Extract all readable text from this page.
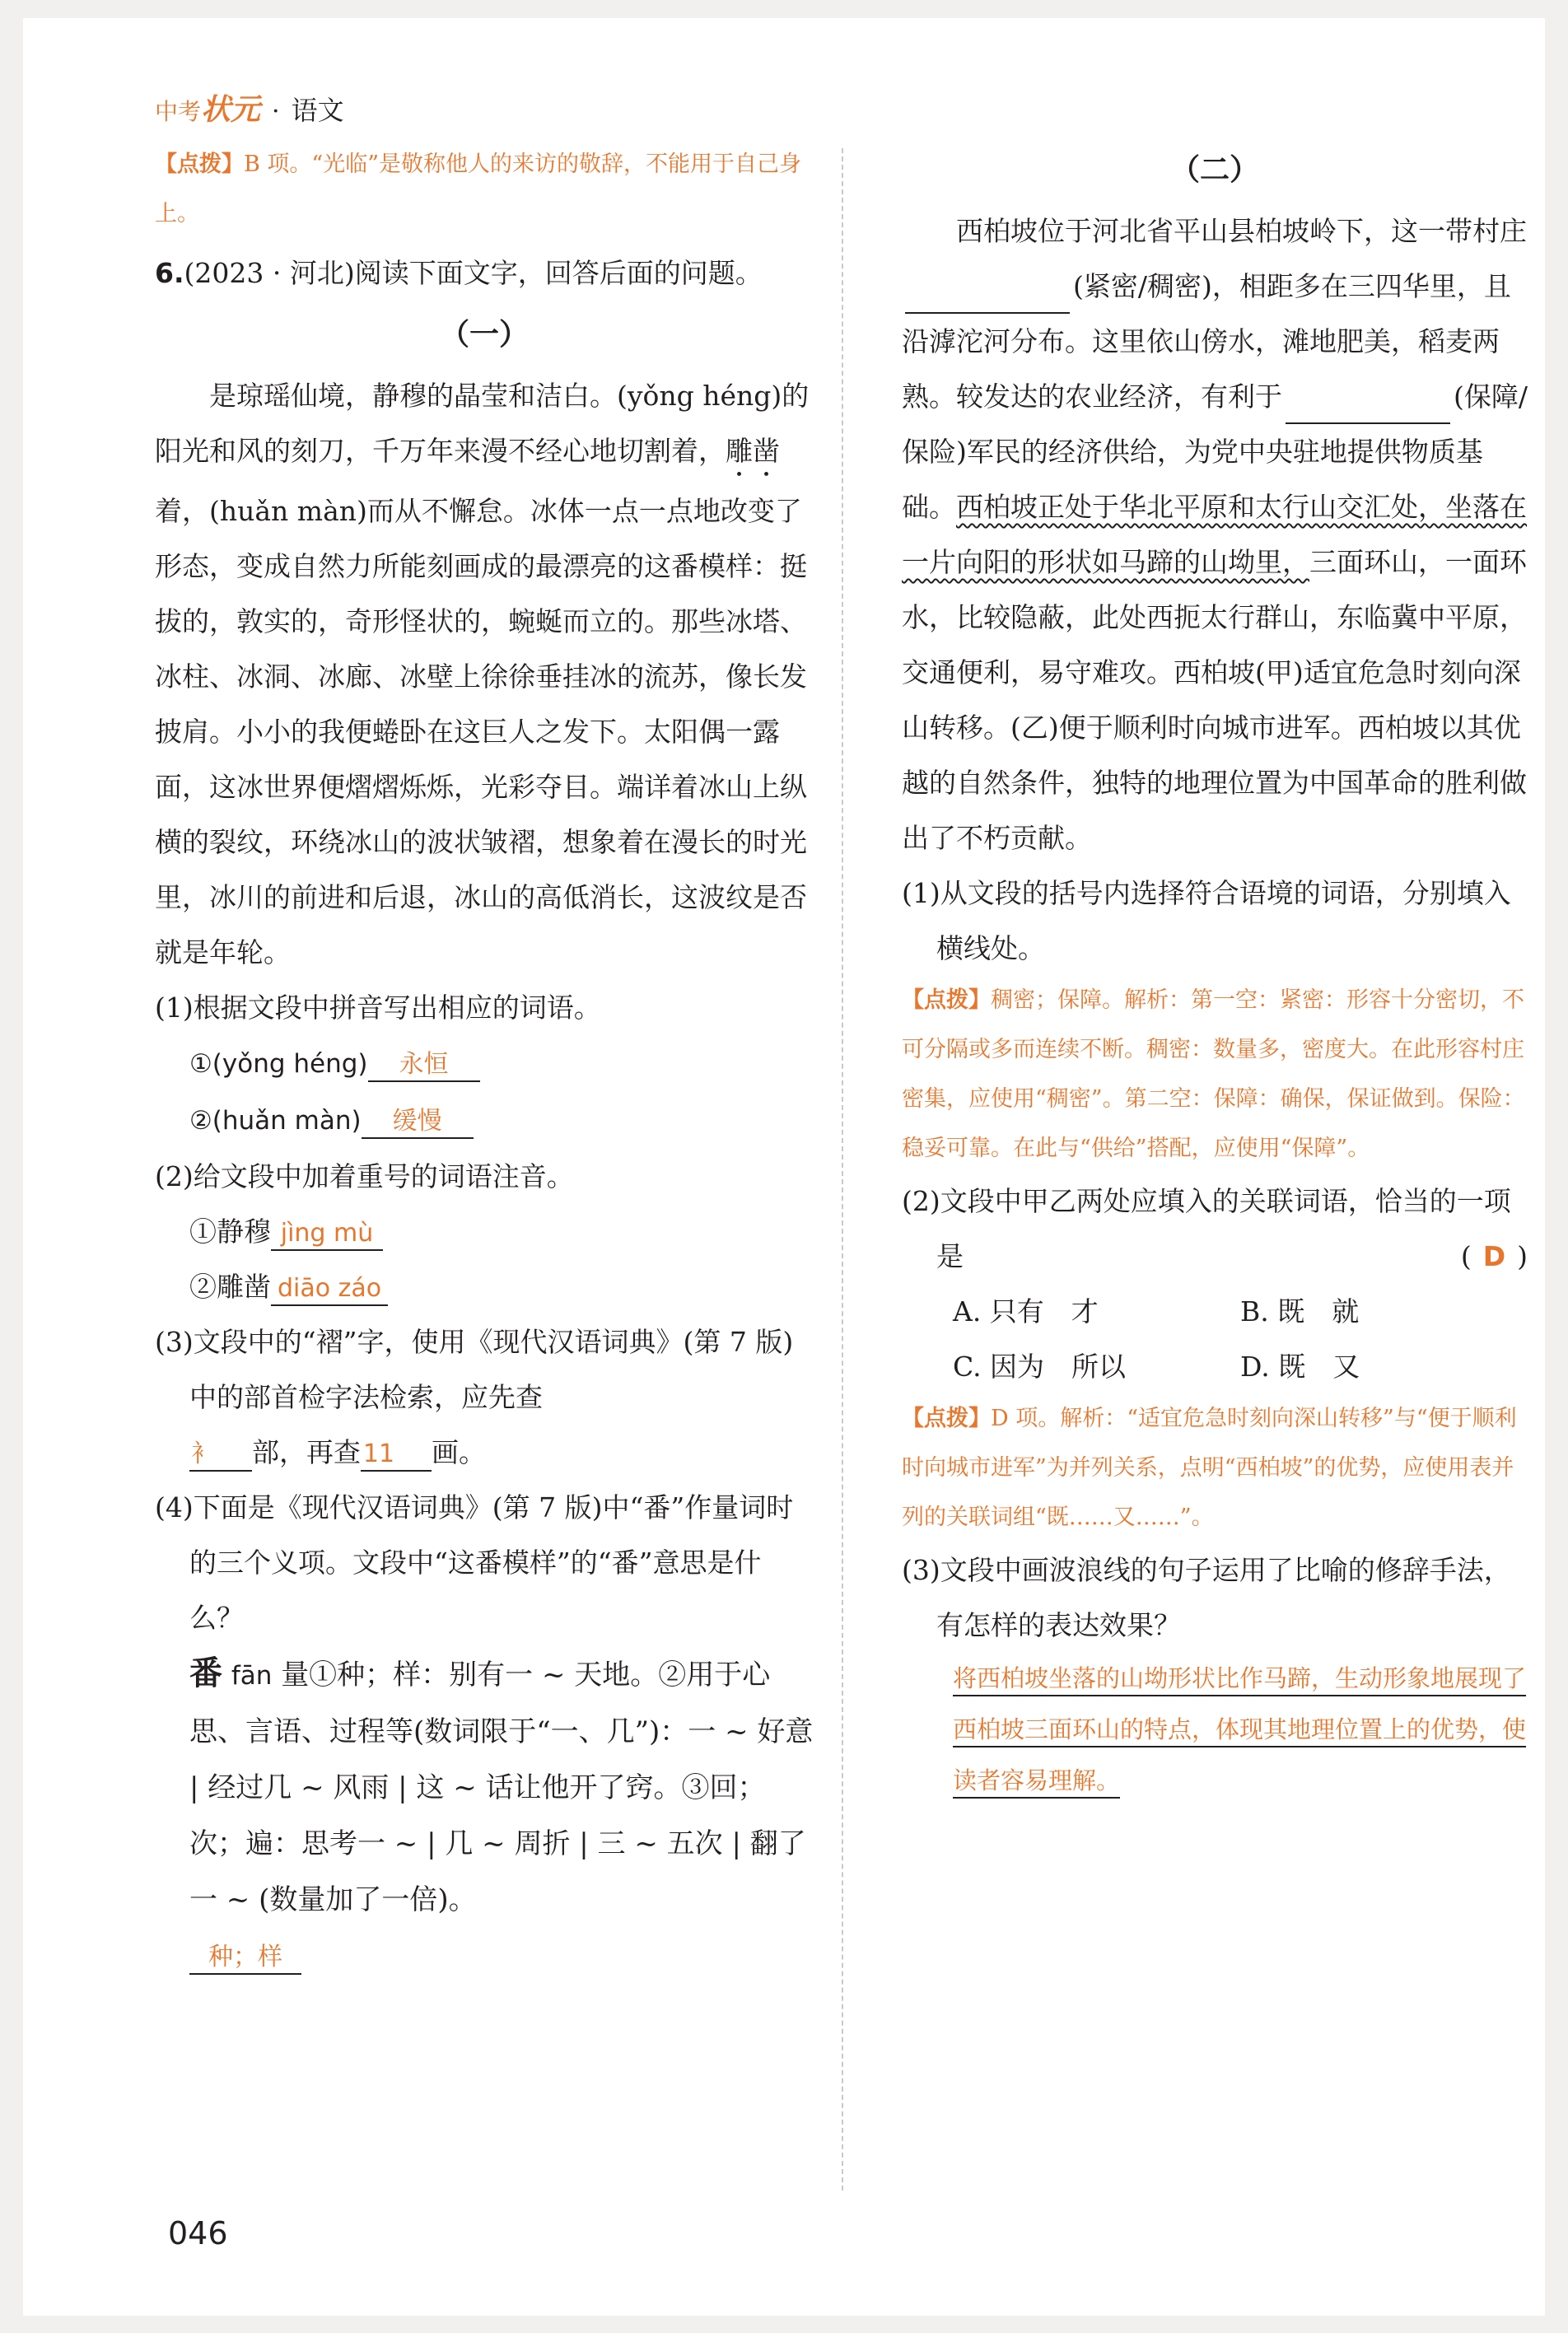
中考 状元 · 语文
【点拨】B 项。“光临”是敬称他人的来访的敬辞，不能用于自己身上。
6.(2023 · 河北)阅读下面文字，回答后面的问题。
（一）
是琼瑶仙境，静穆的晶莹和洁白。(yǒng héng)的阳光和风的刻刀，千万年来漫不经心地切割着，雕凿着，(huǎn màn)而从不懈怠。冰体一点一点地改变了形态，变成自然力所能刻画成的最漂亮的这番模样：挺拔的，敦实的，奇形怪状的，蜿蜒而立的。那些冰塔、冰柱、冰洞、冰廊、冰壁上徐徐垂挂冰的流苏，像长发披肩。小小的我便蜷卧在这巨人之发下。太阳偶一露面，这冰世界便熠熠烁烁，光彩夺目。端详着冰山上纵横的裂纹，环绕冰山的波状皱褶，想象着在漫长的时光里，冰川的前进和后退，冰山的高低消长，这波纹是否就是年轮。
(1)根据文段中拼音写出相应的词语。
①(yǒng héng) 永恒
②(huǎn màn) 缓慢
(2)给文段中加着重号的词语注音。
①静穆 jìng mù
②雕凿 diāo záo
(3)文段中的“褶”字，使用《现代汉语词典》(第 7 版)中的部首检字法检索，应先查
衤 部，再查11 画。
(4)下面是《现代汉语词典》(第 7 版)中“番”作量词时的三个义项。文段中“这番模样”的“番”意思是什么？
番 fān 量①种；样：别有一 ~ 天地。②用于心思、言语、过程等(数词限于“一、几”)：一 ~ 好意 | 经过几 ~ 风雨 | 这 ~ 话让他开了窍。③回；次；遍：思考一 ~ | 几 ~ 周折 | 三 ~ 五次 | 翻了一 ~ (数量加了一倍)。
种；样
（二）
西柏坡位于河北省平山县柏坡岭下，这一带村庄(紧密/稠密)，相距多在三四华里，且沿滹沱河分布。这里依山傍水，滩地肥美，稻麦两熟。较发达的农业经济，有利于	(保障/保险)军民的经济供给，为党中央驻地提供物质基础。西柏坡正处于华北平原和太行山交汇处，坐落在一片向阳的形状如马蹄的山坳里，三面环山，一面环水，比较隐蔽，此处西扼太行群山，东临冀中平原，交通便利，易守难攻。西柏坡(甲)适宜危急时刻向深山转移。(乙)便于顺利时向城市进军。西柏坡以其优越的自然条件，独特的地理位置为中国革命的胜利做出了不朽贡献。
(1)从文段的括号内选择符合语境的词语，分别填入横线处。
【点拨】稠密；保障。解析：第一空：紧密：形容十分密切，不可分隔或多而连续不断。稠密：数量多，密度大。在此形容村庄密集，应使用“稠密”。第二空：保障：确保，保证做到。保险：稳妥可靠。在此与“供给”搭配，应使用“保障”。
(2)文段中甲乙两处应填入的关联词语，恰当的一项是	( D )
A. 只有　才	B. 既　就
C. 因为　所以	D. 既　又
【点拨】D 项。解析：“适宜危急时刻向深山转移”与“便于顺利时向城市进军”为并列关系，点明“西柏坡”的优势，应使用表并列的关联词组“既……又……”。
(3)文段中画波浪线的句子运用了比喻的修辞手法，有怎样的表达效果？
将西柏坡坐落的山坳形状比作马蹄，生动形象地展现了西柏坡三面环山的特点，体现其地理位置上的优势，使读者容易理解。
046
